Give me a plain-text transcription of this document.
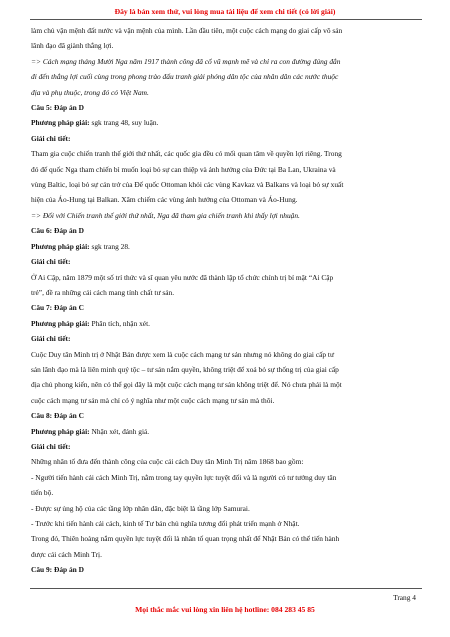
Đây là bản xem thử, vui lòng mua tài liệu để xem chi tiết (có lời giải)

làm chủ vận mệnh đất nước và vận mệnh của mình. Lần đầu tiên, một cuộc cách mạng do giai cấp vô sản

lãnh đạo đã giành thắng lợi.

=> Cách mạng tháng Mười Nga năm 1917 thành công đã cổ vũ mạnh mẽ và chỉ ra con đường đúng đắn

đi đến thắng lợi cuối cùng trong phong trào đấu tranh giải phóng dân tộc của nhân dân các nước thuộc

địa và phụ thuộc, trong đó có Việt Nam.

Câu 5: Đáp án D

Phương pháp giải: sgk trang 48, suy luận.

Giải chi tiết:

Tham gia cuộc chiến tranh thế giới thứ nhất, các quốc gia đều có mối quan tâm về quyền lợi riêng. Trong

đó đế quốc Nga tham chiến bì muốn loại bỏ sự can thiệp và ảnh hưởng của Đức tại Ba Lan, Ukraina và

vùng Baltic, loại bỏ sự cản trở của Đế quốc Ottoman khỏi các vùng Kavkaz và Balkans và loại bỏ sự xuất

hiện của Áo-Hung tại Balkan. Xâm chiếm các vùng ảnh hưởng của Ottoman và Áo-Hung.

=> Đối với Chiến tranh thế giới thứ nhất, Nga đã tham gia chiến tranh khi thấy lợi nhuận.

Câu 6: Đáp án D

Phương pháp giải: sgk trang 28.

Giải chi tiết:

Ở Ai Cập, năm 1879 một số trí thức và sĩ quan yêu nước đã thành lập tổ chức chính trị bí mật “Ai Cập

trẻ”, đề ra những cải cách mang tính chất tư sản.

Câu 7: Đáp án C

Phương pháp giải: Phân tích, nhận xét.

Giải chi tiết:

Cuộc Duy tân Minh trị ở Nhật Bản được xem là cuộc cách mạng tư sản nhưng nó không do giai cấp tư

sản lãnh đạo mà là liên minh quý tộc – tư sản nắm quyền, không triệt để xoá bỏ sự thống trị của giai cấp

địa chủ phong kiến, nên có thể gọi đây là một cuộc cách mạng tư sản không triệt để. Nó chưa phải là một

cuộc cách mạng tư sản mà chỉ có ý nghĩa như một cuộc cách mạng tư sản mà thôi.

Câu 8: Đáp án C

Phương pháp giải: Nhận xét, đánh giá.

Giải chi tiết:

Những nhân tố đưa đến thành công của cuộc cải cách Duy tân Minh Trị năm 1868 bao gồm:

- Người tiến hành cải cách Minh Trị, nằm trong tay quyền lực tuyệt đối và là người có tư tưởng duy tân

tiến bộ.

- Được sự ủng hộ của các tầng lớp nhân dân, đặc biệt là tầng lớp Samurai.

- Trước khi tiến hành cải cách, kinh tế Tư bản chủ nghĩa tương đối phát triển mạnh ở Nhật.

Trong đó, Thiên hoàng nắm quyền lực tuyệt đối là nhân tố quan trọng nhất để Nhật Bản có thể tiến hành

được cải cách Minh Trị.

Câu 9: Đáp án D

Trang 4
Mọi thắc mắc vui lòng xin liên hệ hotline: 084 283 45 85
